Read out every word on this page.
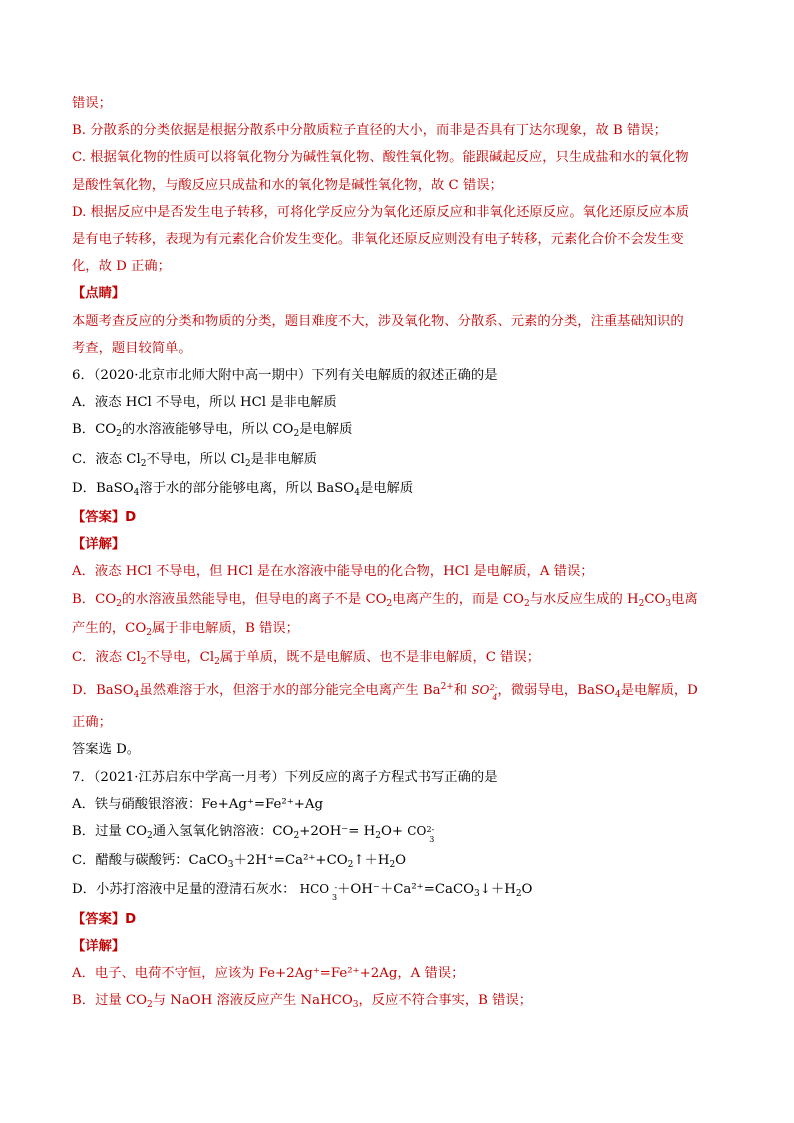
错误；
B. 分散系的分类依据是根据分散系中分散质粒子直径的大小，而非是否具有丁达尔现象，故 B 错误；
C. 根据氧化物的性质可以将氧化物分为碱性氧化物、酸性氧化物。能跟碱起反应，只生成盐和水的氧化物
是酸性氧化物，与酸反应只成盐和水的氧化物是碱性氧化物，故 C 错误；
D. 根据反应中是否发生电子转移，可将化学反应分为氧化还原反应和非氧化还原反应。氧化还原反应本质
是有电子转移，表现为有元素化合价发生变化。非氧化还原反应则没有电子转移，元素化合价不会发生变
化，故 D 正确；
【点睛】
本题考查反应的分类和物质的分类，题目难度不大，涉及氧化物、分散系、元素的分类，注重基础知识的
考查，题目较简单。
6．（2020·北京市北师大附中高一期中）下列有关电解质的叙述正确的是
A．液态 HCl 不导电，所以 HCl 是非电解质
B．$CO_2$的水溶液能够导电，所以 $CO_2$是电解质
C．液态 $Cl_2$不导电，所以 $Cl_2$是非电解质
D．BaSO$_4$溶于水的部分能够电离，所以 BaSO$_4$是电解质
【答案】D
【详解】
A．液态 HCl 不导电，但 HCl 是在水溶液中能导电的化合物，HCl 是电解质，A 错误；
B．$CO_2$的水溶液虽然能导电，但导电的离子不是 $CO_2$电离产生的，而是 $CO_2$与水反应生成的 $H_2CO_3$电离
产生的，$CO_2$属于非电解质，B 错误；
C．液态 $Cl_2$不导电，$Cl_2$属于单质，既不是电解质、也不是非电解质，C 错误；
D．BaSO$_4$虽然难溶于水，但溶于水的部分能完全电离产生 $Ba^{2+}$和 SO 2-
4 ，微弱导电，BaSO$_4$是电解质，D
正确；
答案选 D。
7．（2021·江苏启东中学高一月考）下列反应的离子方程式书写正确的是
A．铁与硝酸银溶液：Fe+Ag⁺=Fe²⁺+Ag
B．过量 $CO_2$通入氢氧化钠溶液：$CO_2+2OH^-= H_2O+$ CO 2-
3
C．醋酸与碳酸钙：$CaCO_3+2H^+=Ca^{2+}+CO_2↑+H_2O$
D．小苏打溶液中足量的澄清石灰水： HCO -
3
$+OH^-+Ca^{2+}=CaCO_3↓+H_2O$
【答案】D
【详解】
A．电子、电荷不守恒，应该为 Fe+2Ag⁺=Fe²⁺+2Ag，A 错误；
B．过量 $CO_2$与 NaOH 溶液反应产生 NaHCO$_3$，反应不符合事实，B 错误；
